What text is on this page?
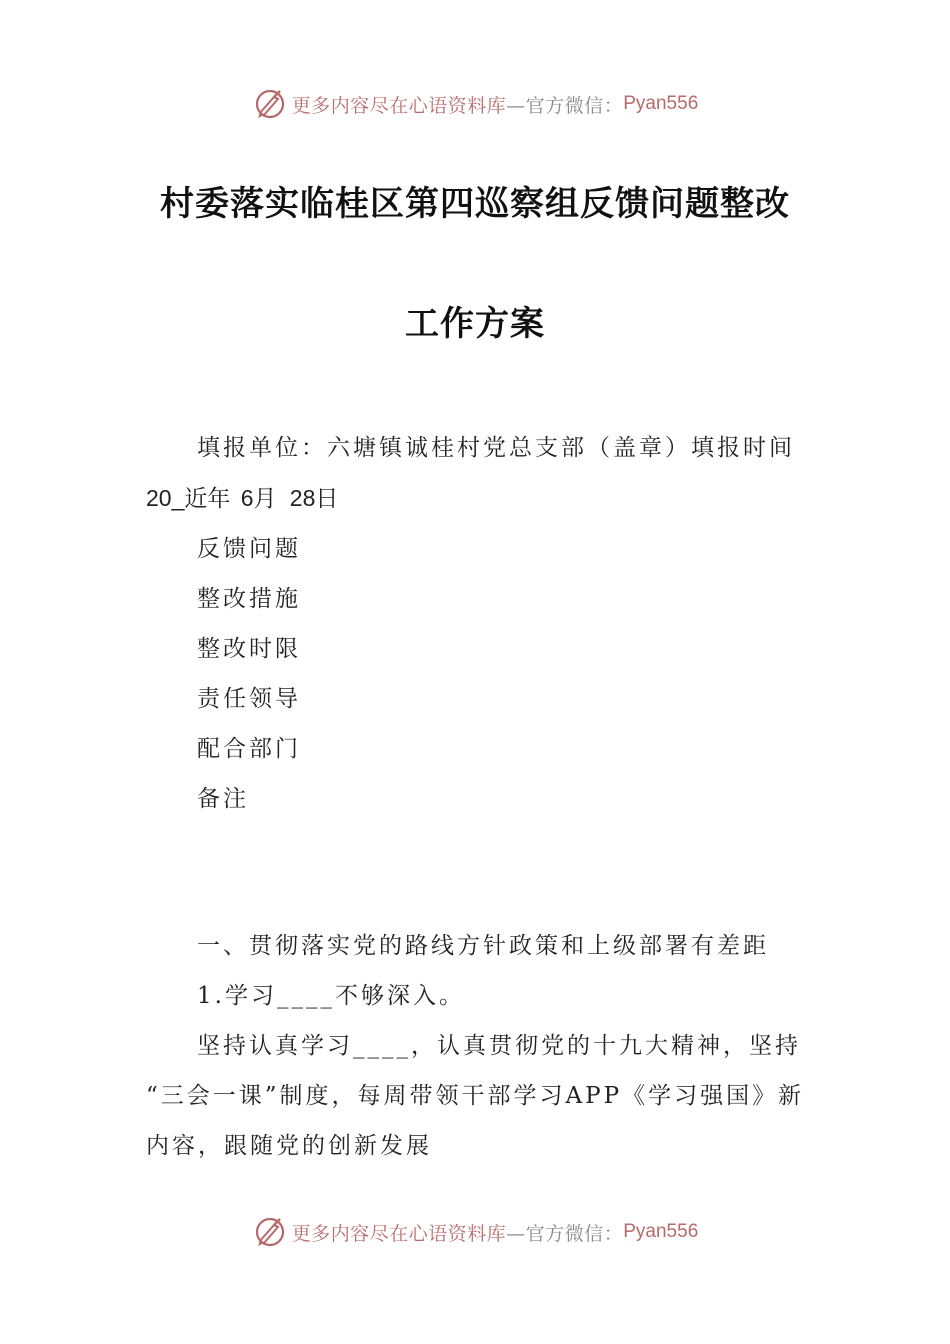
更多内容尽在心语资料库 —官方微信： Pyan556
村委落实临桂区第四巡察组反馈问题整改
工作方案
填报单位：六塘镇诚桂村党总支部（盖章）填报时间
20_近年 6月 28日
反馈问题
整改措施
整改时限
责任领导
配合部门
备注
一、贯彻落实党的路线方针政策和上级部署有差距
1.学习____不够深入。
坚持认真学习____，认真贯彻党的十九大精神，坚持
“三会一课”制度，每周带领干部学习APP《学习强国》新
内容，跟随党的创新发展
更多内容尽在心语资料库 —官方微信： Pyan556
